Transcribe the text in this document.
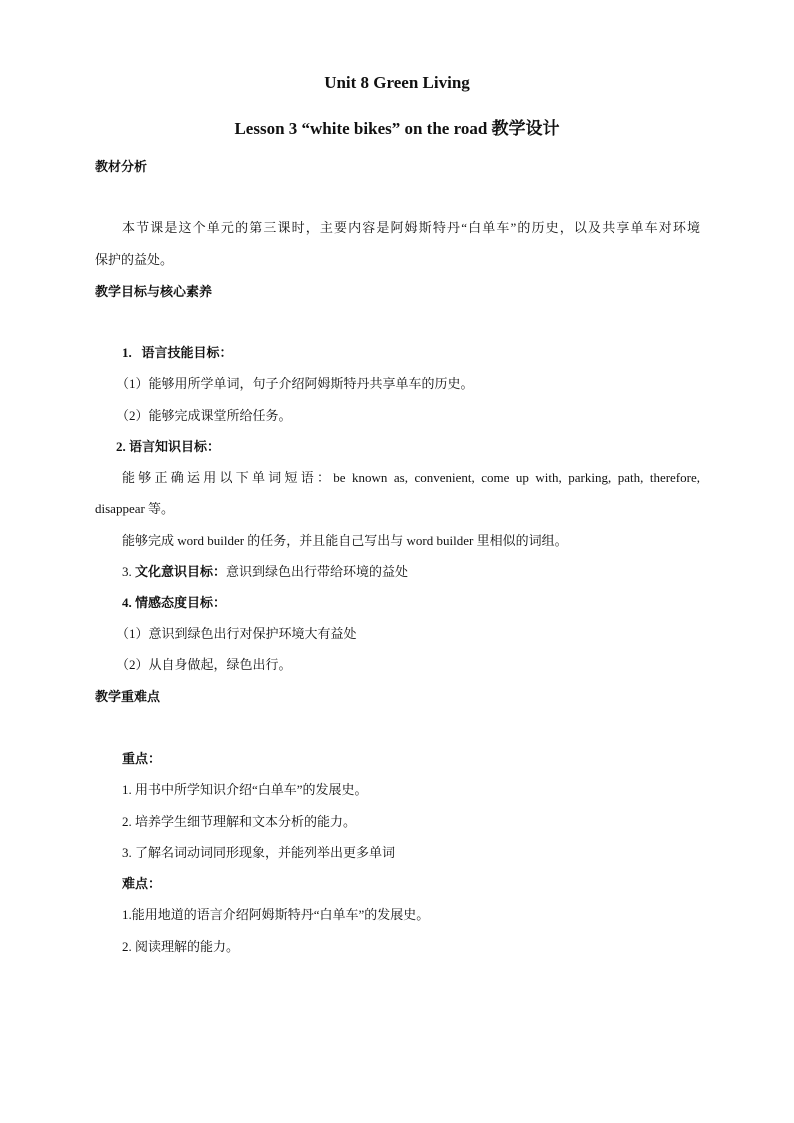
Unit 8 Green Living
Lesson 3 “white bikes” on the road 教学设计
教材分析
本节课是这个单元的第三课时，主要内容是阿姆斯特丹“白单车”的历史，以及共享单车对环境
保护的益处。
教学目标与核心素养
1. 语言技能目标：
（1）能够用所学单词，句子介绍阿姆斯特丹共享单车的历史。
（2）能够完成课堂所给任务。
2. 语言知识目标：
能够正确运用以下单词短语：be known as, convenient, come up with, parking, path, therefore,
disappear 等。
能够完成 word builder 的任务，并且能自己写出与 word builder 里相似的词组。
3. 文化意识目标：意识到绿色出行带给环境的益处
4. 情感态度目标：
（1）意识到绿色出行对保护环境大有益处
（2）从自身做起，绿色出行。
教学重难点
重点：
1. 用书中所学知识介绍“白单车”的发展史。
2. 培养学生细节理解和文本分析的能力。
3. 了解名词动词同形现象，并能列举出更多单词
难点：
1.能用地道的语言介绍阿姆斯特丹“白单车”的发展史。
2. 阅读理解的能力。
